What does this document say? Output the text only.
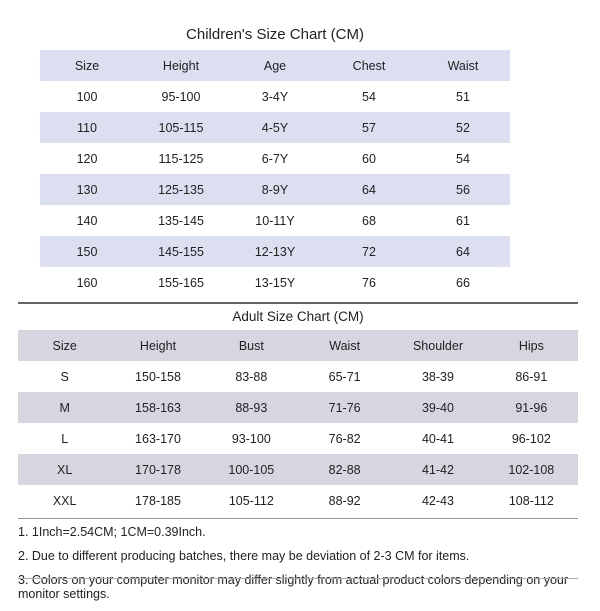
Children's Size Chart (CM)
Size	Height	Age	Chest	Waist
100	95-100	3-4Y	54	51
110	105-115	4-5Y	57	52
120	115-125	6-7Y	60	54
130	125-135	8-9Y	64	56
140	135-145	10-11Y	68	61
150	145-155	12-13Y	72	64
160	155-165	13-15Y	76	66
Adult Size Chart (CM)
Size	Height	Bust	Waist	Shoulder	Hips
S	150-158	83-88	65-71	38-39	86-91
M	158-163	88-93	71-76	39-40	91-96
L	163-170	93-100	76-82	40-41	96-102
XL	170-178	100-105	82-88	41-42	102-108
XXL	178-185	105-112	88-92	42-43	108-112

1. 1Inch=2.54CM; 1CM=0.39Inch.

2. Due to different producing batches, there may be deviation of 2-3 CM for items.

3. Colors on your computer monitor may differ slightly from actual product colors depending on your monitor settings.
